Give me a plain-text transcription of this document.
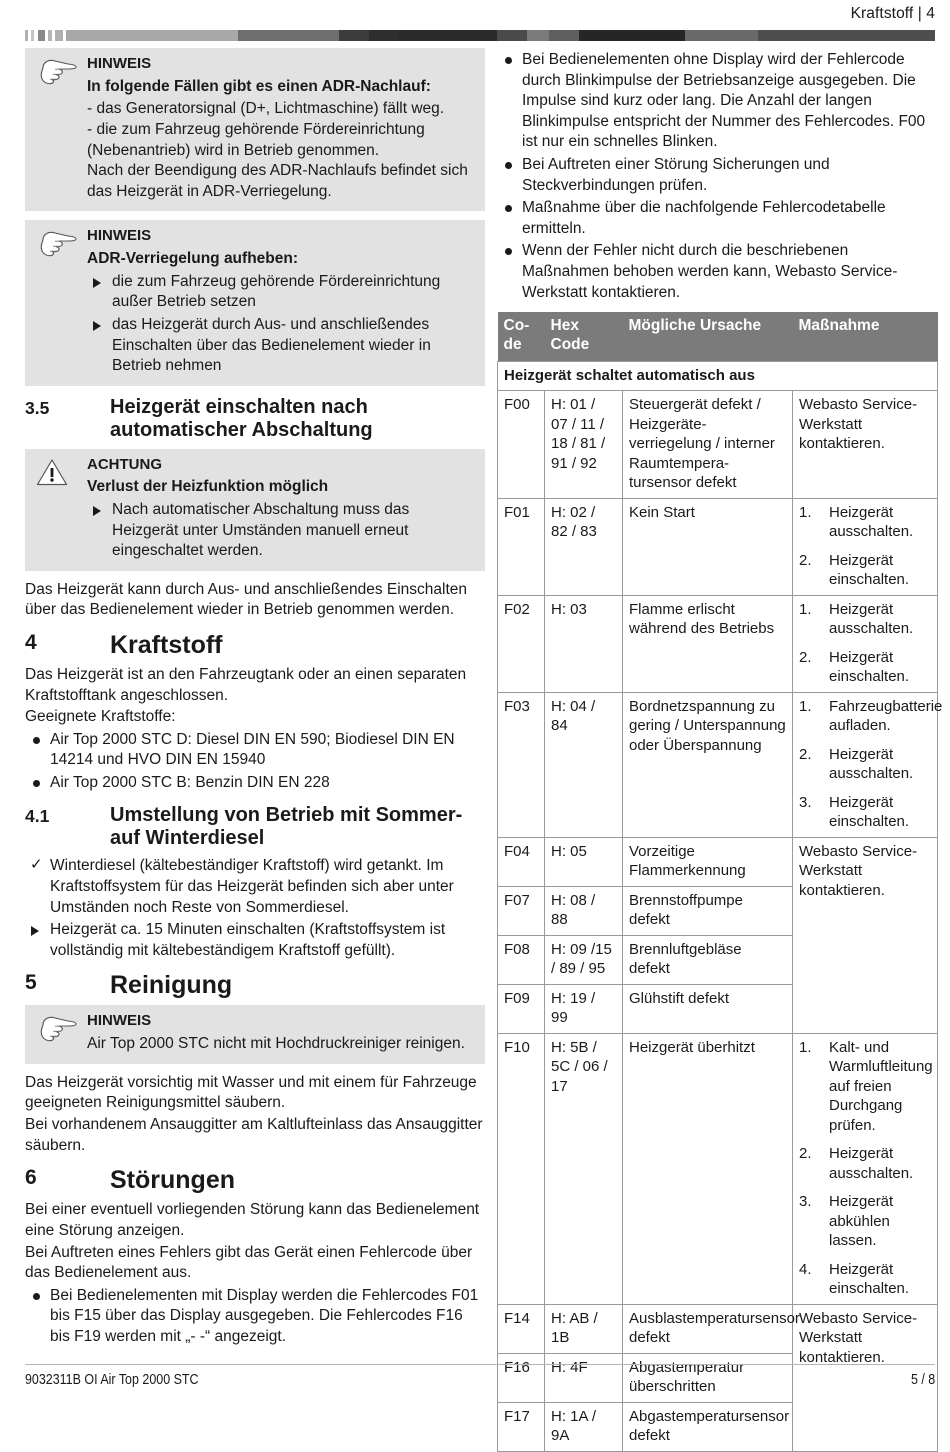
Kraftstoff | 4
HINWEIS
In folgende Fällen gibt es einen ADR-Nachlauf:
- das Generatorsignal (D+, Lichtmaschine) fällt weg.
- die zum Fahrzeug gehörende Fördereinrichtung (Nebenantrieb) wird in Betrieb genommen.
Nach der Beendigung des ADR-Nachlaufs befindet sich das Heizgerät in ADR-Verriegelung.
HINWEIS
ADR-Verriegelung aufheben:
die zum Fahrzeug gehörende Fördereinrichtung außer Betrieb setzen
das Heizgerät durch Aus- und anschließendes Einschalten über das Bedienelement wieder in Betrieb nehmen
3.5	Heizgerät einschalten nach automatischer Abschaltung
ACHTUNG
Verlust der Heizfunktion möglich
Nach automatischer Abschaltung muss das Heizgerät unter Umständen manuell erneut eingeschaltet werden.

Das Heizgerät kann durch Aus- und anschließendes Einschalten über das Bedienelement wieder in Betrieb genommen werden.

4	Kraftstoff

Das Heizgerät ist an den Fahrzeugtank oder an einen separaten Kraftstofftank angeschlossen.

Geeignete Kraftstoffe:

Air Top 2000 STC D: Diesel DIN EN 590; Biodiesel DIN EN 14214 und HVO DIN EN 15940
Air Top 2000 STC B: Benzin DIN EN 228
4.1	Umstellung von Betrieb mit Sommer- auf Winterdiesel
✓ Winterdiesel (kältebeständiger Kraftstoff) wird getankt. Im Kraftstoffsystem für das Heizgerät befinden sich aber unter Umständen noch Reste von Sommerdiesel.
Heizgerät ca. 15 Minuten einschalten (Kraftstoffsystem ist vollständig mit kältebeständigem Kraftstoff gefüllt).
5	Reinigung
HINWEIS
Air Top 2000 STC nicht mit Hochdruckreiniger reinigen.

Das Heizgerät vorsichtig mit Wasser und mit einem für Fahrzeuge geeigneten Reinigungsmittel säubern.

Bei vorhandenem Ansauggitter am Kaltlufteinlass das Ansauggitter säubern.

6	Störungen

Bei einer eventuell vorliegenden Störung kann das Bedienelement eine Störung anzeigen.

Bei Auftreten eines Fehlers gibt das Gerät einen Fehlercode über das Bedienelement aus.

Bei Bedienelementen mit Display werden die Fehlercodes F01 bis F15 über das Display ausgegeben. Die Fehlercodes F16 bis F19 werden mit „- -“ angezeigt.
Bei Bedienelementen ohne Display wird der Fehlercode durch Blinkimpulse der Betriebsanzeige ausgegeben. Die Impulse sind kurz oder lang. Die Anzahl der langen Blinkimpulse entspricht der Nummer des Fehlercodes. F00 ist nur ein schnelles Blinken.
Bei Auftreten einer Störung Sicherungen und Steckverbindungen prüfen.
Maßnahme über die nachfolgende Fehlercodetabelle ermitteln.
Wenn der Fehler nicht durch die beschriebenen Maßnahmen behoben werden kann, Webasto Service-Werkstatt kontaktieren.
Co-
de	Hex Code	Mögliche Ursache	Maßnahme

Heizgerät schaltet automatisch aus			
F00	H: 01 / 07 / 11 / 18 / 81 / 91 / 92	Steuergerät defekt / Heizgeräte-verriegelung / interner Raumtempera-tursensor defekt	Webasto Service-Werkstatt kontaktieren.
F01	H: 02 / 82 / 83	Kein Start	1. Heizgerät ausschalten.
2. Heizgerät einschalten.

F02	H: 03	Flamme erlischt während des Betriebs	
1. Heizgerät ausschalten.
2. Heizgerät einschalten.

F03	H: 04 / 84	Bordnetzspannung zu gering / Unterspannung oder Überspannung	
1. Fahrzeugbatterie aufladen.
2. Heizgerät ausschalten.
3. Heizgerät einschalten.

F04	H: 05	Vorzeitige Flammerkennung	Webasto Service-Werkstatt kontaktieren.
F07	H: 08 / 88	Brennstoffpumpe defekt	
F08	H: 09 /15 / 89 / 95	Brennluftgebläse defekt	
F09	H: 19 / 99	Glühstift defekt	
F10	H: 5B / 5C / 06 / 17	Heizgerät überhitzt	1. Kalt- und Warmluftleitung auf freien Durchgang prüfen.
2. Heizgerät ausschalten.
3. Heizgerät abkühlen lassen.
4. Heizgerät einschalten.

F14	H: AB / 1B	Ausblastemperatursensor defekt	Webasto Service-Werkstatt kontaktieren.
F16	H: 4F	Abgastemperatur überschritten	
F17	H: 1A / 9A	Abgastemperatursensor defekt	
9032311B OI Air Top 2000 STC	5 / 8
